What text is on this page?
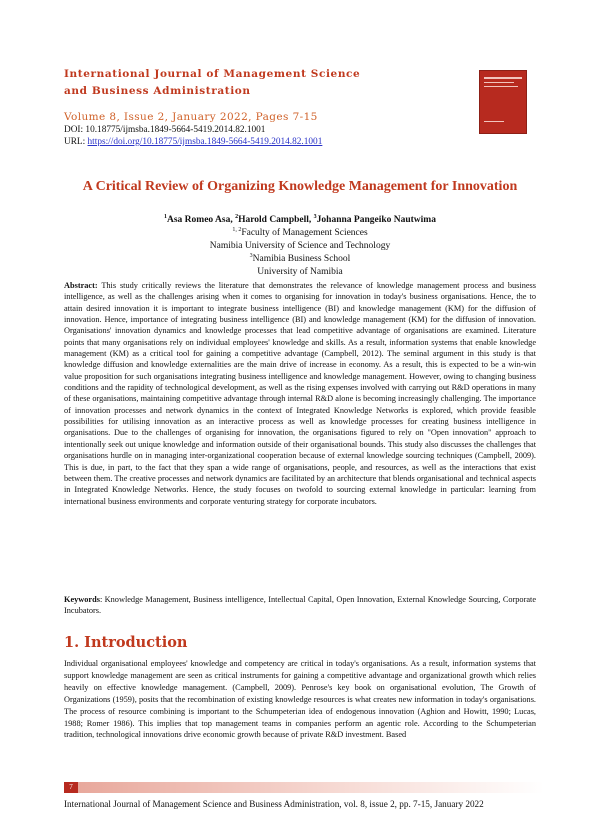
International Journal of Management Science and Business Administration
Volume 8, Issue 2, January 2022, Pages 7-15
DOI: 10.18775/ijmsba.1849-5664-5419.2014.82.1001
URL: https://doi.org/10.18775/ijmsba.1849-5664-5419.2014.82.1001
A Critical Review of Organizing Knowledge Management for Innovation
$^1$Asa Romeo Asa, $^2$Harold Campbell, $^3$Johanna Pangeiko Nautwima
$^{1, 2}$Faculty of Management Sciences
Namibia University of Science and Technology
$^3$Namibia Business School
University of Namibia
Abstract: This study critically reviews the literature that demonstrates the relevance of knowledge management process and business intelligence, as well as the challenges arising when it comes to organising for innovation in today's business organisations. Hence, the to attain desired innovation it is important to integrate business intelligence (BI) and knowledge management (KM) for the diffusion of innovation. Hence, importance of integrating business intelligence (BI) and knowledge management (KM) for the diffusion of innovation. Organisations' innovation dynamics and knowledge processes that lead competitive advantage of organisations are examined. Literature points that many organisations rely on individual employees' knowledge and skills. As a result, information systems that enable knowledge management (KM) as a critical tool for gaining a competitive advantage (Campbell, 2012). The seminal argument in this study is that knowledge diffusion and knowledge externalities are the main drive of increase in economy. As a result, this is expected to be a win-win value proposition for such organisations integrating business intelligence and knowledge management. However, owing to changing business conditions and the rapidity of technological development, as well as the rising expenses involved with carrying out R&D operations in many of these organisations, maintaining competitive advantage through internal R&D alone is becoming increasingly challenging. The importance of innovation processes and network dynamics in the context of Integrated Knowledge Networks is explored, which provide feasible possibilities for utilising innovation as an interactive process as well as knowledge processes for creating business intelligence in organisations. Due to the challenges of organising for innovation, the organisations figured to rely on "Open innovation" approach to intentionally seek out unique knowledge and information outside of their organisational bounds. This study also discusses the challenges that organisations hurdle on in managing inter-organizational cooperation because of external knowledge sourcing techniques (Campbell, 2009). This is due, in part, to the fact that they span a wide range of organisations, people, and resources, as well as the interactions that exist between them. The creative processes and network dynamics are facilitated by an architecture that blends organisational and technical aspects in Integrated Knowledge Networks. Hence, the study focuses on twofold to sourcing external knowledge in particular: learning from international business environments and corporate venturing strategy for corporate incubators.
Keywords: Knowledge Management, Business intelligence, Intellectual Capital, Open Innovation, External Knowledge Sourcing, Corporate Incubators.
1. Introduction
Individual organisational employees' knowledge and competency are critical in today's organisations. As a result, information systems that support knowledge management are seen as critical instruments for gaining a competitive advantage and organizational growth which relies heavily on effective knowledge management. (Campbell, 2009). Penrose's key book on organisational evolution, The Growth of Organizations (1959), posits that the recombination of existing knowledge resources is what creates new information in today's organisations. The process of resource combining is important to the Schumpeterian idea of endogenous innovation (Aghion and Howitt, 1990; Lucas, 1988; Romer 1986). This implies that top management teams in companies perform an agentic role. According to the Schumpeterian tradition, technological innovations drive economic growth because of private R&D investment. Based
7
International Journal of Management Science and Business Administration, vol. 8, issue 2, pp. 7-15, January 2022
